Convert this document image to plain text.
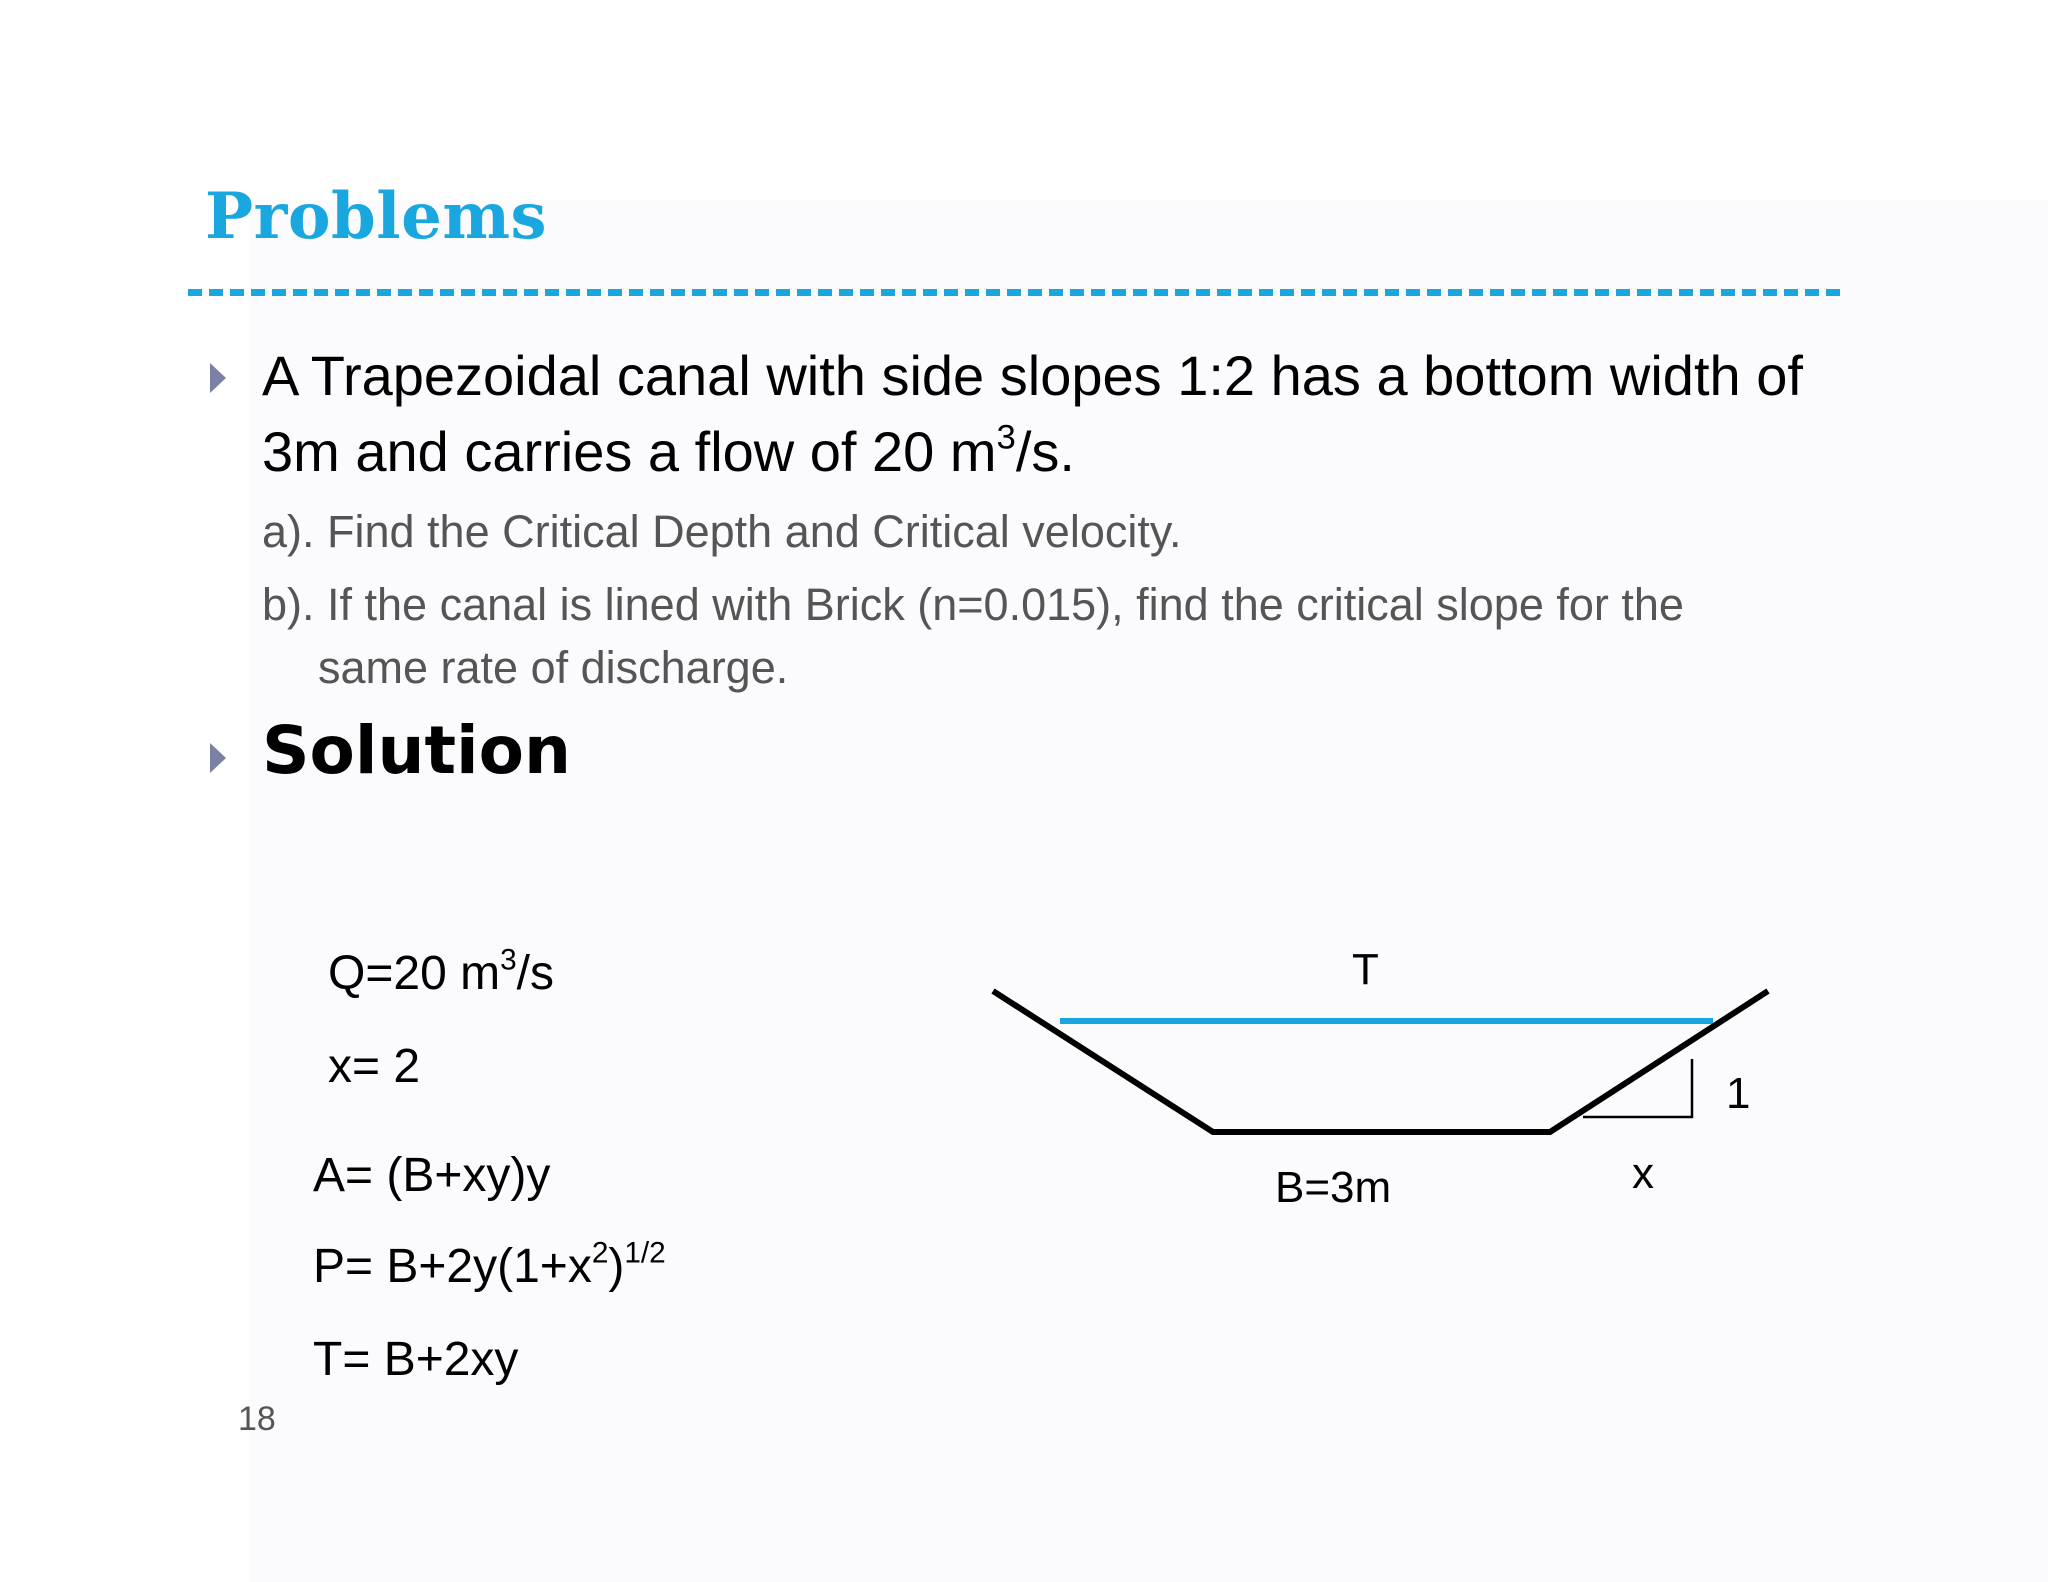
Problems
A Trapezoidal canal with side slopes 1:2 has a bottom width of 3m and carries a flow of 20 $m^3/s$.
a). Find the Critical Depth and Critical velocity.
b). If the canal is lined with Brick (n=0.015), find the critical slope for the
same rate of discharge.
Solution
Q=20 $m^3/s$
x= 2
A= (B+xy)y
$P= B+2y(1+x^2)^{1/2}$
T= B+2xy
T
B=3m
1
x
18
